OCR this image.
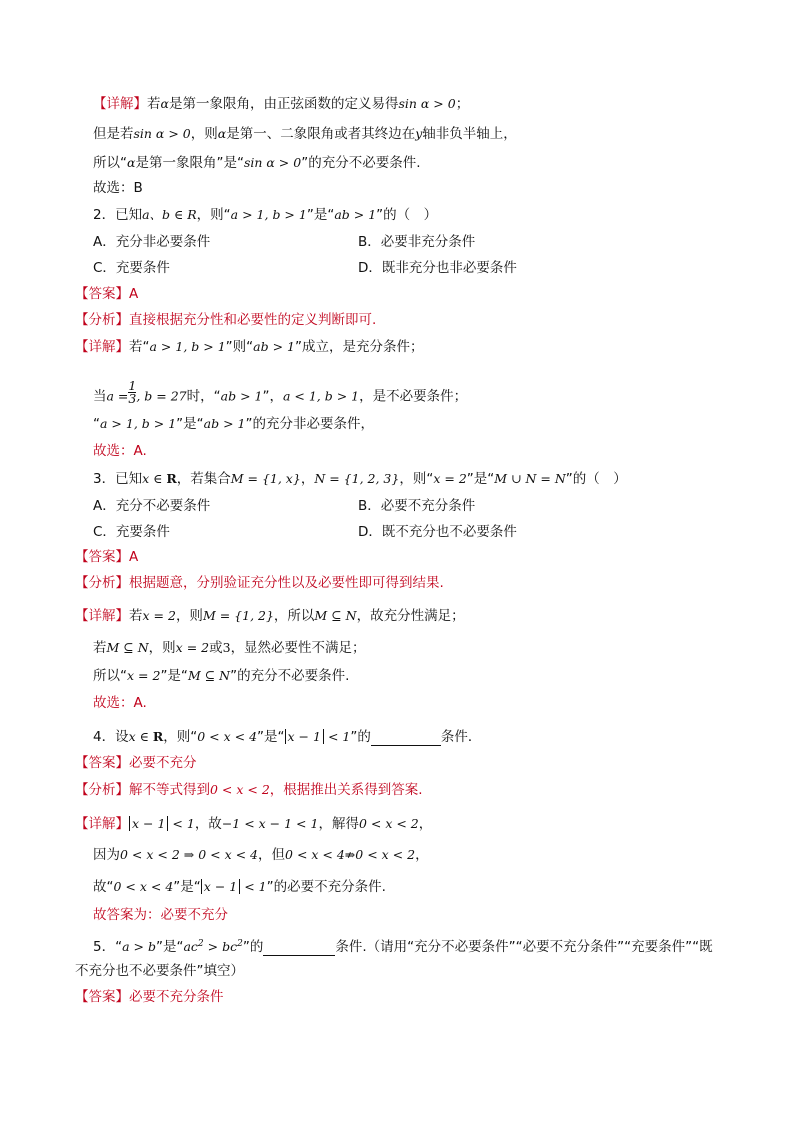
【详解】若α是第一象限角，由正弦函数的定义易得sin α > 0；
但是若sin α > 0，则α是第一、二象限角或者其终边在y轴非负半轴上，
所以“α是第一象限角”是“sin α > 0”的充分不必要条件.
故选：B
2．已知a、b ∈ R，则“a > 1, b > 1”是“ab > 1”的（　）
A．充分非必要条件	B．必要非充分条件
C．充要条件	D．既非充分也非必要条件
【答案】A
【分析】直接根据充分性和必要性的定义判断即可.
【详解】若“a > 1, b > 1”则“ab > 1”成立，是充分条件；
当$a = \frac{1}{3}$ , b = 27时，“ab > 1”，a < 1, b > 1，是不必要条件；
“a > 1, b > 1”是“ab > 1”的充分非必要条件，
故选：A.
3．已知x ∈ R，若集合M = {1, x}，N = {1, 2, 3}，则“x = 2”是“M ∪ N = N”的（　）
A．充分不必要条件	B．必要不充分条件
C．充要条件	D．既不充分也不必要条件
【答案】A
【分析】根据题意，分别验证充分性以及必要性即可得到结果.
【详解】若x = 2，则M = {1, 2}，所以M ⊆ N，故充分性满足；
若M ⊆ N，则x = 2或3，显然必要性不满足；
所以“x = 2”是“M ⊆ N”的充分不必要条件.
故选：A.
4．设x ∈ R，则“0 < x < 4”是“ x − 1 < 1”的	条件．
【答案】必要不充分
【分析】解不等式得到0 < x < 2，根据推出关系得到答案.
【详解】 x − 1 < 1，故−1 < x − 1 < 1，解得0 < x < 2，
因为0 < x < 2 ⇒ 0 < x < 4，但0 < x < 4⇏0 < x < 2，
故“0 < x < 4”是“ x − 1 < 1”的必要不充分条件.
故答案为：必要不充分
5．“a > b”是“$ac^2 > bc^2$”的	条件.（请用“充分不必要条件”“必要不充分条件”“充要条件”“既
不充分也不必要条件”填空）
【答案】必要不充分条件
